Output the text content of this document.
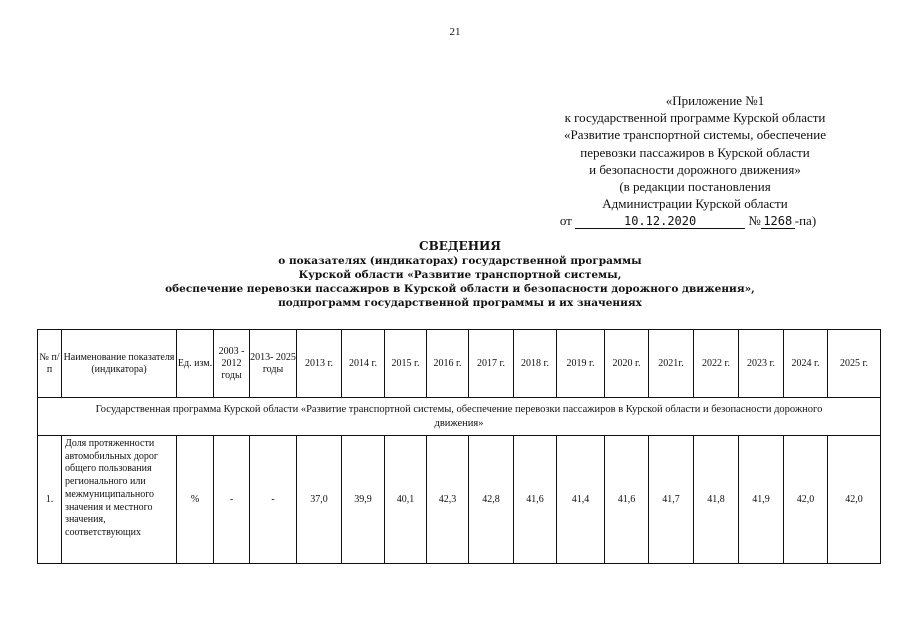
21
«Приложение №1
к государственной программе Курской области
«Развитие транспортной системы, обеспечение
перевозки пассажиров в Курской области
и безопасности дорожного движения»
(в редакции постановления
Администрации Курской области
от	10.12.2020	№ 1268 -па)
СВЕДЕНИЯ
о показателях (индикаторах) государственной программы
Курской области «Развитие транспортной системы,
обеспечение перевозки пассажиров в Курской области и безопасности дорожного движения»,
подпрограмм государственной программы и их значениях
№ п/п	Наименование показателя (индикатора)	Ед. изм.	2003 - 2012 годы	2013- 2025 годы	2013 г.	2014 г.	2015 г.	2016 г.	2017 г.	2018 г.	2019 г.	2020 г.	2021г.	2022 г.	2023 г.	2024 г.	2025 г.
Государственная программа Курской области «Развитие транспортной системы, обеспечение перевозки пассажиров в Курской области и безопасности дорожного движения»																	
1.	Доля протяженности автомобильных дорог общего пользования регионального или межмуниципального значения и местного значения, соответствующих	%	-	-	37,0	39,9	40,1	42,3	42,8	41,6	41,4	41,6	41,7	41,8	41,9	42,0	42,0
